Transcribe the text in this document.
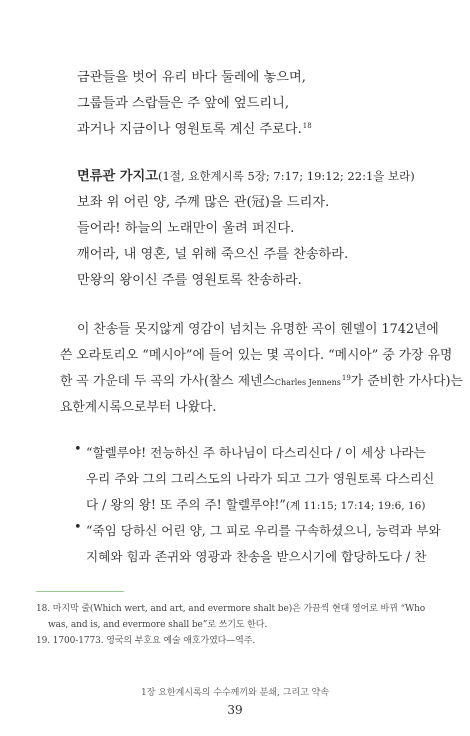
금관들을 벗어 유리 바다 둘레에 놓으며,
그룹들과 스랍들은 주 앞에 엎드리니,
과거나 지금이나 영원토록 계신 주로다.$^{18}$
면류관 가지고(1절, 요한계시록 5장; 7:17; 19:12; 22:1을 보라)
보좌 위 어린 양, 주께 많은 관(冠)을 드리자.
들어라! 하늘의 노래만이 울려 퍼진다.
깨어라, 내 영혼, 널 위해 죽으신 주를 찬송하라.
만왕의 왕이신 주를 영원토록 찬송하라.
이 찬송들 못지않게 영감이 넘치는 유명한 곡이 헨델이 1742년에
쓴 오라토리오 “메시아”에 들어 있는 몇 곡이다. “메시아” 중 가장 유명
한 곡 가운데 두 곡의 가사(찰스 제넨스Charles Jennens$^{19}$가 준비한 가사다)는
요한계시록으로부터 나왔다.
• “할렐루야! 전능하신 주 하나님이 다스리신다 / 이 세상 나라는
우리 주와 그의 그리스도의 나라가 되고 그가 영원토록 다스리신
다 / 왕의 왕! 또 주의 주! 할렐루야!”(계 11:15; 17:14; 19:6, 16)
• “죽임 당하신 어린 양, 그 피로 우리를 구속하셨으니, 능력과 부와
지혜와 힘과 존귀와 영광과 찬송을 받으시기에 합당하도다 / 찬
18. 마지막 줄(Which wert, and art, and evermore shalt be)은 가끔씩 현대 영어로 바뀌 “Who
was, and is, and evermore shall be”로 쓰기도 한다.
19. 1700-1773. 영국의 부호요 예술 애호가였다—역주.
1장 요한계시록의 수수께끼와 분쇄, 그리고 약속
39
